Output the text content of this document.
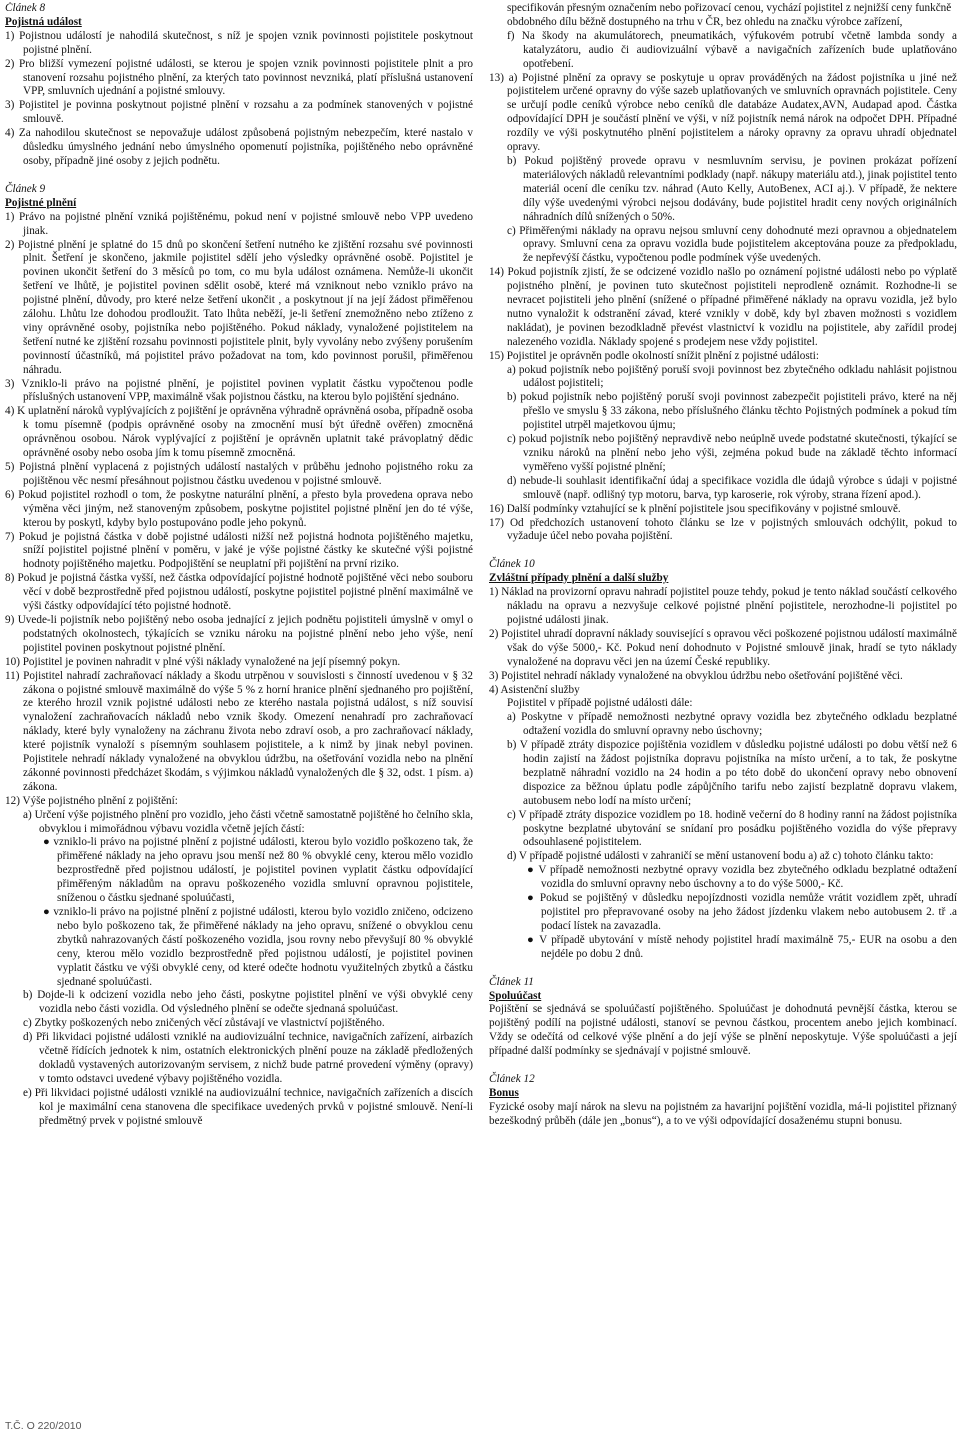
Článek 8
Pojistná událost
1) Pojistnou událostí je nahodilá skutečnost, s níž je spojen vznik povinnosti pojistitele poskytnout pojistné plnění.
2) Pro bližší vymezení pojistné události, se kterou je spojen vznik povinnosti pojistitele plnit a pro stanovení rozsahu pojistného plnění, za kterých tato povinnost nevzniká, platí příslušná ustanovení VPP, smluvních ujednání a pojistné smlouvy.
3) Pojistitel je povinna poskytnout pojistné plnění v rozsahu a za podmínek stanovených v pojistné smlouvě.
4) Za nahodilou skutečnost se nepovažuje událost způsobená pojistným nebezpečím, které nastalo v důsledku úmyslného jednání nebo úmyslného opomenutí pojistníka, pojištěného nebo oprávněné osoby, případně jiné osoby z jejich podnětu.
Článek 9
Pojistné plnění
1) Právo na pojistné plnění vzniká pojištěnému, pokud není v pojistné smlouvě nebo VPP uvedeno jinak.
2) Pojistné plnění je splatné do 15 dnů po skončení šetření nutného ke zjištění rozsahu své povinnosti plnit. Šetření je skončeno, jakmile pojistitel sdělí jeho výsledky oprávněné osobě. Pojistitel je povinen ukončit šetření do 3 měsíců po tom, co mu byla událost oznámena. Nemůže-li ukončit šetření ve lhůtě, je pojistitel povinen sdělit osobě, které má vzniknout nebo vzniklo právo na pojistné plnění, důvody, pro které nelze šetření ukončit , a poskytnout jí na její žádost přiměřenou zálohu. Lhůtu lze dohodou prodloužit. Tato lhůta neběží, je-li šetření znemožněno nebo ztíženo z viny oprávněné osoby, pojistníka nebo pojištěného. Pokud náklady, vynaložené pojistitelem na šetření nutné ke zjištění rozsahu povinnosti pojistitele plnit, byly vyvolány nebo zvýšeny porušením povinností účastníků, má pojistitel právo požadovat na tom, kdo povinnost porušil, přiměřenou náhradu.
3) Vzniklo-li právo na pojistné plnění, je pojistitel povinen vyplatit částku vypočtenou podle příslušných ustanovení VPP, maximálně však pojistnou částku, na kterou bylo pojištění sjednáno.
4) K uplatnění nároků vyplývajících z pojištění je oprávněna výhradně oprávněná osoba, případně osoba k tomu písemně (podpis oprávněné osoby na zmocnění musí být úředně ověřen) zmocněná oprávněnou osobou. Nárok vyplývající z pojištění je oprávněn uplatnit také právoplatný dědic oprávněné osoby nebo osoba jím k tomu písemně zmocněná.
5) Pojistná plnění vyplacená z pojistných událostí nastalých v průběhu jednoho pojistného roku za pojištěnou věc nesmí přesáhnout pojistnou částku uvedenou v pojistné smlouvě.
6) Pokud pojistitel rozhodl o tom, že poskytne naturální plnění, a přesto byla provedena oprava nebo výměna věci jiným, než stanoveným způsobem, poskytne pojistitel pojistné plnění jen do té výše, kterou by poskytl, kdyby bylo postupováno podle jeho pokynů.
7) Pokud je pojistná částka v době pojistné události nižší než pojistná hodnota pojištěného majetku, sníží pojistitel pojistné plnění v poměru, v jaké je výše pojistné částky ke skutečné výši pojistné hodnoty pojištěného majetku. Podpojištění se neuplatní při pojištění na první riziko.
8) Pokud je pojistná částka vyšší, než částka odpovídající pojistné hodnotě pojištěné věci nebo souboru věcí v době bezprostředně před pojistnou událostí, poskytne pojistitel pojistné plnění maximálně ve výši částky odpovídající této pojistné hodnotě.
9) Uvede-li pojistník nebo pojištěný nebo osoba jednající z jejich podnětu pojistiteli úmyslně v omyl o podstatných okolnostech, týkajících se vzniku nároku na pojistné plnění nebo jeho výše, není pojistitel povinen poskytnout pojistné plnění.
10) Pojistitel je povinen nahradit v plné výši náklady vynaložené na její písemný pokyn.
11) Pojistitel nahradí zachraňovací náklady a škodu utrpěnou v souvislosti s činností uvedenou v § 32 zákona o pojistné smlouvě maximálně do výše 5 % z horní hranice plnění sjednaného pro pojištění, ze kterého hrozil vznik pojistné události nebo ze kterého nastala pojistná událost, s níž souvisí vynaložení zachraňovacích nákladů nebo vznik škody. Omezení nenahradí pro zachraňovací náklady, které byly vynaloženy na záchranu života nebo zdraví osob, a pro zachraňovací náklady, které pojistník vynaloží s písemným souhlasem pojistitele, a k nimž by jinak nebyl povinen. Pojistitele nehradí náklady vynaložené na obvyklou údržbu, na ošetřování vozidla nebo na plnění zákonné povinnosti předcházet škodám, s výjimkou nákladů vynaložených dle § 32, odst. 1 písm. a) zákona.
12) Výše pojistného plnění z pojištění:
a) Určení výše pojistného plnění pro vozidlo, jeho části včetně samostatně pojištěné ho čelního skla, obvyklou i mimořádnou výbavu vozidla včetně jejích částí:
● vzniklo-li právo na pojistné plnění z pojistné události, kterou bylo vozidlo poškozeno tak, že přiměřené náklady na jeho opravu jsou menší než 80 % obvyklé ceny, kterou mělo vozidlo bezprostředně před pojistnou událostí, je pojistitel povinen vyplatit částku odpovídající přiměřeným nákladům na opravu poškozeného vozidla smluvní opravnou pojistitele, sníženou o částku sjednané spoluúčasti,
● vzniklo-li právo na pojistné plnění z pojistné události, kterou bylo vozidlo zničeno, odcizeno nebo bylo poškozeno tak, že přiměřené náklady na jeho opravu, snížené o obvyklou cenu zbytků nahrazovaných částí poškozeného vozidla, jsou rovny nebo převyšují 80 % obvyklé ceny, kterou mělo vozidlo bezprostředně před pojistnou událostí, je pojistitel povinen vyplatit částku ve výši obvyklé ceny, od které odečte hodnotu využitelných zbytků a částku sjednané spoluúčasti.
b) Dojde-li k odcizení vozidla nebo jeho části, poskytne pojistitel plnění ve výši obvyklé ceny vozidla nebo části vozidla. Od výsledného plnění se odečte sjednaná spoluúčast.
c) Zbytky poškozených nebo zničených věcí zůstávají ve vlastnictví pojištěného.
d) Při likvidaci pojistné události vzniklé na audiovizuální technice, navigačních zařízení, airbazích včetně řídících jednotek k nim, ostatních elektronických plnění pouze na základě předložených dokladů vystavených autorizovaným servisem, z nichž bude patrné provedení výměny (opravy) v tomto odstavci uvedené výbavy pojištěného vozidla.
e) Při likvidaci pojistné události vzniklé na audiovizuální technice, navigačních zařízeních a discích kol je maximální cena stanovena dle specifikace uvedených prvků v pojistné smlouvě. Není-li předmětný prvek v pojistné smlouvě
specifikován přesným označením nebo pořizovací cenou, vychází pojistitel z nejnižší ceny funkčně obdobného dílu běžně dostupného na trhu v ČR, bez ohledu na značku výrobce zařízení,
f) Na škody na akumulátorech, pneumatikách, výfukovém potrubí včetně lambda sondy a katalyzátoru, audio či audiovizuální výbavě a navigačních zařízeních bude uplatňováno opotřebení.
13) a) Pojistné plnění za opravy se poskytuje u oprav prováděných na žádost pojistníka u jiné než pojistitelem určené opravny do výše sazeb uplatňovaných ve smluvních opravnách pojistitele. Ceny se určují podle ceníků výrobce nebo ceníků dle databáze Audatex,AVN, Audapad apod. Částka odpovídající DPH je součástí plnění ve výši, v níž pojistník nemá nárok na odpočet DPH. Případné rozdíly ve výši poskytnutého plnění pojistitelem a nároky opravny za opravu uhradí objednatel opravy.
b) Pokud pojištěný provede opravu v nesmluvním servisu, je povinen prokázat pořízení materiálových nákladů relevantními podklady (např. nákupy materiálu atd.), jinak pojistitel tento materiál ocení dle ceníku tzv. náhrad (Auto Kelly, AutoBenex, ACI aj.). V případě, že nektere díly výše uvedenými výrobci nejsou dodávány, bude pojistitel hradit ceny nových originálních náhradních dílů snížených o 50%.
c) Přiměřenými náklady na opravu nejsou smluvní ceny dohodnuté mezi opravnou a objednatelem opravy. Smluvní cena za opravu vozidla bude pojistitelem akceptována pouze za předpokladu, že nepřevýší částku, vypočtenou podle podmínek výše uvedených.
14) Pokud pojistník zjistí, že se odcizené vozidlo našlo po oznámení pojistné události nebo po výplatě pojistného plnění, je povinen tuto skutečnost pojistiteli neprodleně oznámit. Rozhodne-li se nevracet pojistiteli jeho plnění (snížené o případné přiměřené náklady na opravu vozidla, jež bylo nutno vynaložit k odstranění závad, které vznikly v době, kdy byl zbaven možnosti s vozidlem nakládat), je povinen bezodkladně převést vlastnictví k vozidlu na pojistitele, aby zařídil prodej nalezeného vozidla. Náklady spojené s prodejem nese vždy pojistitel.
15) Pojistitel je oprávněn podle okolností snížit plnění z pojistné události:
a) pokud pojistník nebo pojištěný poruší svoji povinnost bez zbytečného odkladu nahlásit pojistnou událost pojistiteli;
b) pokud pojistník nebo pojištěný poruší svoji povinnost zabezpečit pojistiteli právo, které na něj přešlo ve smyslu § 33 zákona, nebo příslušného článku těchto Pojistných podmínek a pokud tím pojistitel utrpěl majetkovou újmu;
c) pokud pojistník nebo pojištěný nepravdivě nebo neúplně uvede podstatné skutečnosti, týkající se vzniku nároků na plnění nebo jeho výši, zejména pokud bude na základě těchto informací vyměřeno vyšší pojistné plnění;
d) nebude-li souhlasit identifikační údaj a specifikace vozidla dle údajů výrobce s údaji v pojistné smlouvě (např. odlišný typ motoru, barva, typ karoserie, rok výroby, strana řízení apod.).
16) Další podmínky vztahující se k plnění pojistitele jsou specifikovány v pojistné smlouvě.
17) Od předchozích ustanovení tohoto článku se lze v pojistných smlouvách odchýlit, pokud to vyžaduje účel nebo povaha pojištění.
Článek 10
Zvláštní případy plnění a další služby
1) Náklad na provizorní opravu nahradí pojistitel pouze tehdy, pokud je tento náklad součástí celkového nákladu na opravu a nezvyšuje celkové pojistné plnění pojistitele, nerozhodne-li pojistitel po pojistné události jinak.
2) Pojistitel uhradí dopravní náklady související s opravou věci poškozené pojistnou událostí maximálně však do výše 5000,- Kč. Pokud není dohodnuto v Pojistné smlouvě jinak, hradí se tyto náklady vynaložené na dopravu věci jen na území České republiky.
3) Pojistitel nehradí náklady vynaložené na obvyklou údržbu nebo ošetřování pojištěné věci.
4) Asistenční služby
Pojistitel v případě pojistné události dále:
a) Poskytne v případě nemožnosti nezbytné opravy vozidla bez zbytečného odkladu bezplatné odtažení vozidla do smluvní opravny nebo úschovny;
b) V případě ztráty dispozice pojištěnia vozidlem v důsledku pojistné události po dobu větší než 6 hodin zajistí na žádost pojistníka dopravu pojistníka na místo určení, a to tak, že poskytne bezplatně náhradní vozidlo na 24 hodin a po této době do ukončení opravy nebo obnovení dispozice za běžnou úplatu podle zápůjčního tarifu nebo zajistí bezplatně dopravu vlakem, autobusem nebo lodí na místo určení;
c) V případě ztráty dispozice vozidlem po 18. hodině večerní do 8 hodiny ranní na žádost pojistníka poskytne bezplatné ubytování se snídaní pro posádku pojištěného vozidla do výše přepravy odsouhlasené pojistitelem.
d) V případě pojistné události v zahraničí se mění ustanovení bodu a) až c) tohoto článku takto:
● V případě nemožnosti nezbytné opravy vozidla bez zbytečného odkladu bezplatné odtažení vozidla do smluvní opravny nebo úschovny a to do výše 5000,- Kč.
● Pokud se pojištěný v důsledku nepojízdnosti vozidla nemůže vrátit vozidlem zpět, uhradí pojistitel pro přepravované osoby na jeho žádost jízdenku vlakem nebo autobusem 2. tř .a podací lístek na zavazadla.
● V případě ubytování v místě nehody pojistitel hradí maximálně 75,- EUR na osobu a den nejdéle po dobu 2 dnů.
Článek 11
Spoluúčast
Pojištění se sjednává se spoluúčastí pojištěného. Spoluúčast je dohodnutá pevnější částka, kterou se pojištěný podílí na pojistné události, stanoví se pevnou částkou, procentem anebo jejich kombinací. Vždy se odečítá od celkové výše plnění a do její výše se plnění neposkytuje. Výše spoluúčasti a její případné další podmínky se sjednávají v pojistné smlouvě.
Článek 12
Bonus
Fyzické osoby mají nárok na slevu na pojistném za havarijní pojištění vozidla, má-li pojistitel přiznaný bezeškodný průběh (dále jen „bonus“), a to ve výši odpovídající dosaženému stupni bonusu.
T.Č. O 220/2010
